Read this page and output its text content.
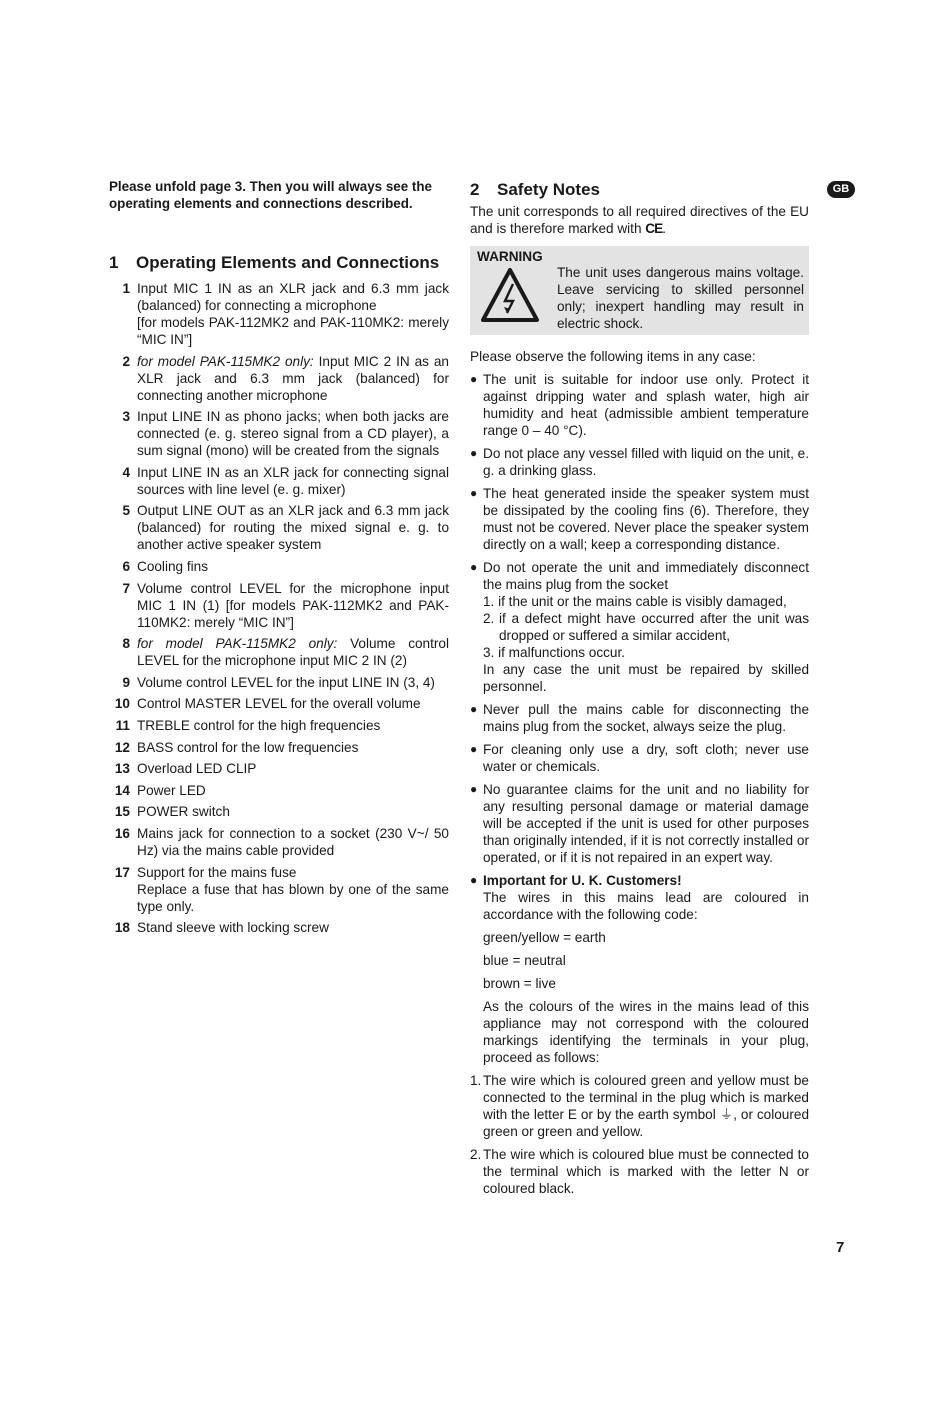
Please unfold page 3. Then you will always see the operating elements and connections described.

1	Operating Elements and Connections
1 Input MIC 1 IN as an XLR jack and 6.3 mm jack (balanced) for connecting a microphone
[for models PAK-112MK2 and PAK-110MK2: merely “MIC IN”]
2 for model PAK-115MK2 only: Input MIC 2 IN as an XLR jack and 6.3 mm jack (balanced) for connecting another microphone
3 Input LINE IN as phono jacks; when both jacks are connected (e. g. stereo signal from a CD player), a sum signal (mono) will be created from the signals
4 Input LINE IN as an XLR jack for connecting signal sources with line level (e. g. mixer)
5 Output LINE OUT as an XLR jack and 6.3 mm jack (balanced) for routing the mixed signal e. g. to another active speaker system
6 Cooling fins
7 Volume control LEVEL for the microphone input MIC 1 IN (1) [for models PAK-112MK2 and PAK-110MK2: merely “MIC IN”]
8 for model PAK-115MK2 only: Volume control LEVEL for the microphone input MIC 2 IN (2)
9 Volume control LEVEL for the input LINE IN (3, 4)
10 Control MASTER LEVEL for the overall volume
11 TREBLE control for the high frequencies
12 BASS control for the low frequencies
13 Overload LED CLIP
14 Power LED
15 POWER switch
16 Mains jack for connection to a socket (230 V~/ 50 Hz) via the mains cable provided
17 Support for the mains fuse
Replace a fuse that has blown by one of the same type only.
18 Stand sleeve with locking screw
2	Safety Notes

The unit corresponds to all required directives of the EU and is therefore marked with CE.

WARNING
The unit uses dangerous mains voltage. Leave servicing to skilled personnel only; inexpert handling may result in electric shock.

Please observe the following items in any case:

● The unit is suitable for indoor use only. Protect it against dripping water and splash water, high air humidity and heat (admissible ambient temperature range 0 – 40 °C).
● Do not place any vessel filled with liquid on the unit, e. g. a drinking glass.
● The heat generated inside the speaker system must be dissipated by the cooling fins (6). Therefore, they must not be covered. Never place the speaker system directly on a wall; keep a corresponding distance.
● Do not operate the unit and immediately disconnect the mains plug from the socket
1. if the unit or the mains cable is visibly damaged,
2. if a defect might have occurred after the unit was dropped or suffered a similar accident,
3. if malfunctions occur.
In any case the unit must be repaired by skilled personnel.
● Never pull the mains cable for disconnecting the mains plug from the socket, always seize the plug.
● For cleaning only use a dry, soft cloth; never use water or chemicals.
● No guarantee claims for the unit and no liability for any resulting personal damage or material damage will be accepted if the unit is used for other purposes than originally intended, if it is not correctly installed or operated, or if it is not repaired in an expert way.
● Important for U. K. Customers!
The wires in this mains lead are coloured in accordance with the following code:
green/yellow = earth
blue = neutral
brown = live
As the colours of the wires in the mains lead of this appliance may not correspond with the coloured markings identifying the terminals in your plug, proceed as follows:
1. The wire which is coloured green and yellow must be connected to the terminal in the plug which is marked with the letter E or by the earth symbol ⏚, or coloured green or green and yellow.
2. The wire which is coloured blue must be connected to the terminal which is marked with the letter N or coloured black.
GB
7
